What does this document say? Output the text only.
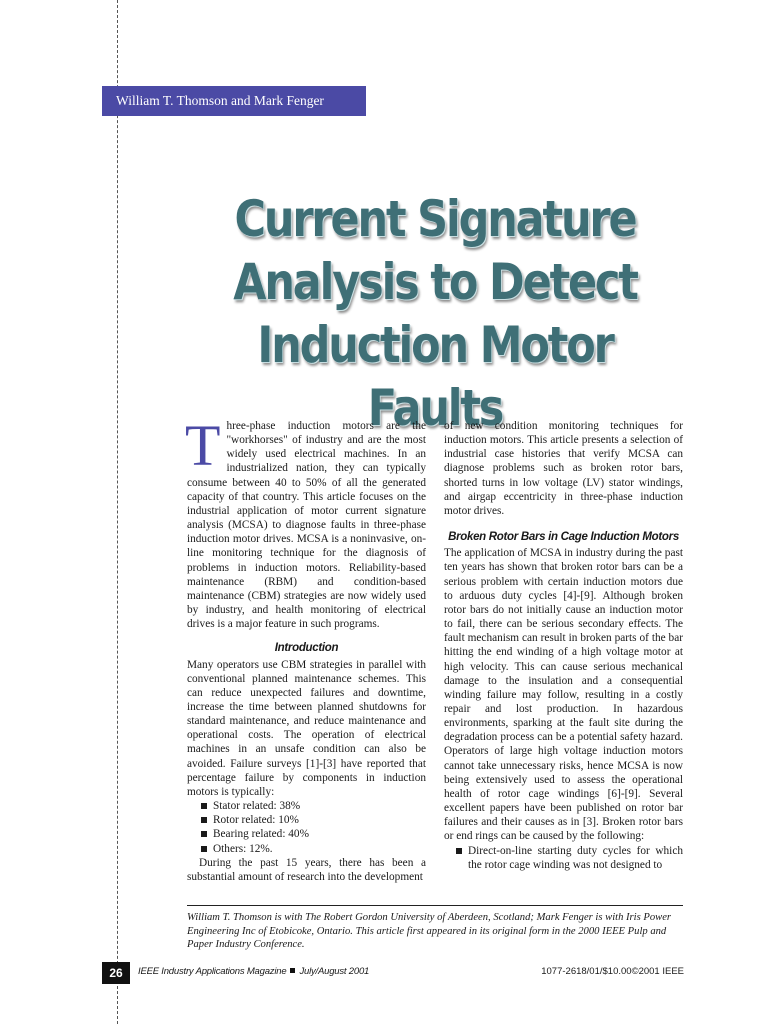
William T. Thomson and Mark Fenger
Current Signature
Analysis to Detect
Induction Motor Faults

Three-phase induction motors are the "workhorses" of industry and are the most widely used electrical machines. In an industrialized nation, they can typically consume between 40 to 50% of all the generated capacity of that country. This article focuses on the industrial application of motor current signature analysis (MCSA) to diagnose faults in three-phase induction motor drives. MCSA is a noninvasive, on-line monitoring technique for the diagnosis of problems in induction motors. Reliability-based maintenance (RBM) and condition-based maintenance (CBM) strategies are now widely used by industry, and health monitoring of electrical drives is a major feature in such programs.

Introduction

Many operators use CBM strategies in parallel with conventional planned maintenance schemes. This can reduce unexpected failures and downtime, increase the time between planned shutdowns for standard maintenance, and reduce maintenance and operational costs. The operation of electrical machines in an unsafe condition can also be avoided. Failure surveys [1]-[3] have reported that percentage failure by components in induction motors is typically:

Stator related: 38%
Rotor related: 10%
Bearing related: 40%
Others: 12%.

During the past 15 years, there has been a substantial amount of research into the development

of new condition monitoring techniques for induction motors. This article presents a selection of industrial case histories that verify MCSA can diagnose problems such as broken rotor bars, shorted turns in low voltage (LV) stator windings, and airgap eccentricity in three-phase induction motor drives.

Broken Rotor Bars in Cage Induction Motors

The application of MCSA in industry during the past ten years has shown that broken rotor bars can be a serious problem with certain induction motors due to arduous duty cycles [4]-[9]. Although broken rotor bars do not initially cause an induction motor to fail, there can be serious secondary effects. The fault mechanism can result in broken parts of the bar hitting the end winding of a high voltage motor at high velocity. This can cause serious mechanical damage to the insulation and a consequential winding failure may follow, resulting in a costly repair and lost production. In hazardous environments, sparking at the fault site during the degradation process can be a potential safety hazard. Operators of large high voltage induction motors cannot take unnecessary risks, hence MCSA is now being extensively used to assess the operational health of rotor cage windings [6]-[9]. Several excellent papers have been published on rotor bar failures and their causes as in [3]. Broken rotor bars or end rings can be caused by the following:

Direct-on-line starting duty cycles for which the rotor cage winding was not designed to

William T. Thomson is with The Robert Gordon University of Aberdeen, Scotland; Mark Fenger is with Iris Power Engineering Inc of Etobicoke, Ontario. This article first appeared in its original form in the 2000 IEEE Pulp and Paper Industry Conference.

26	IEEE Industry Applications Magazine July/August 2001	1077-2618/01/$10.00©2001 IEEE
